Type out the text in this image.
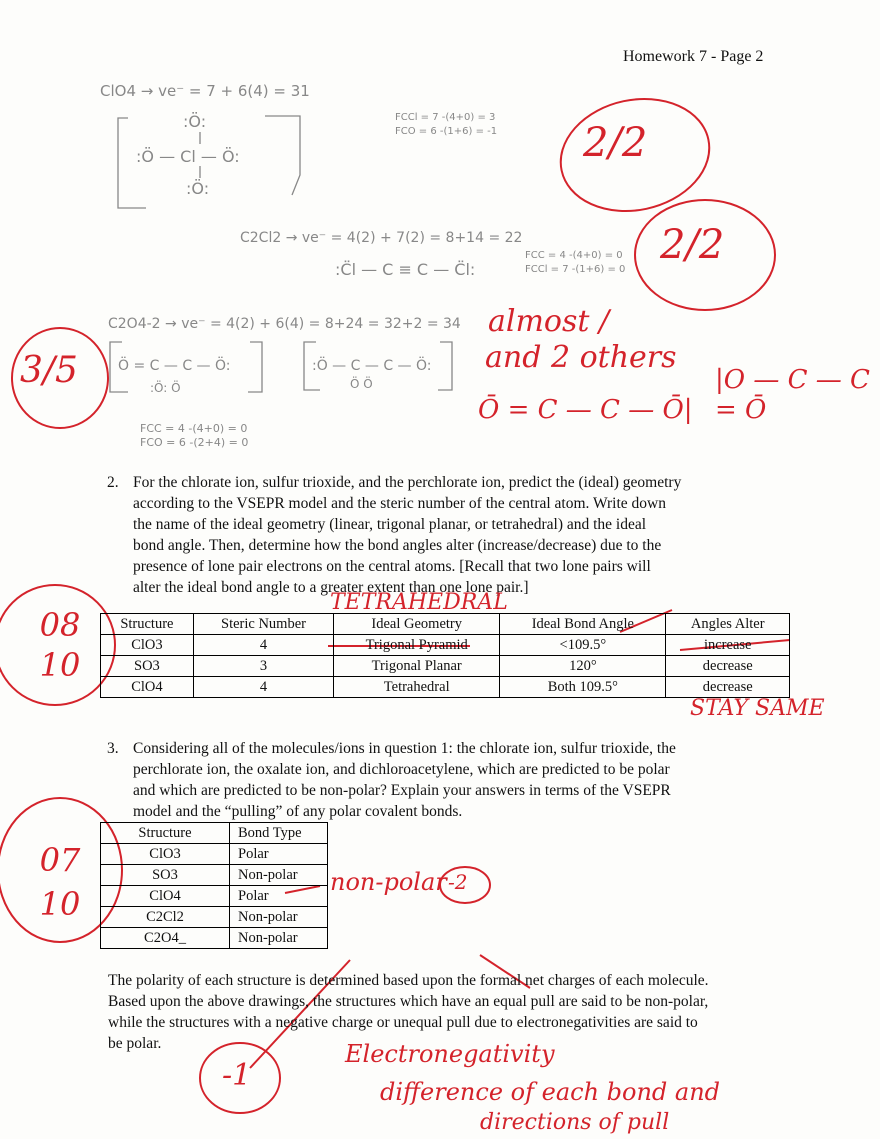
Homework 7 - Page 2
ClO4 → ve⁻ = 7 + 6(4) = 31
FCCl = 7 -(4+0) = 3
FCO = 6 -(1+6) = -1
C2Cl2 → ve⁻ = 4(2) + 7(2) = 8+14 = 22
:C̈l — C ≡ C — C̈l:
FCC = 4 -(4+0) = 0
FCCl = 7 -(1+6) = 0
C2O4-2 → ve⁻ = 4(2) + 6(4) = 8+24 = 32+2 = 34
FCC = 4 -(4+0) = 0
FCO = 6 -(2+4) = 0
:Ö:
:Ö — Cl — Ö:
:Ö:
Ö = C — C — Ö:
:Ö: Ö
:Ö — C — C — Ö:
Ö Ö
2/2
2/2
3/5
almost /
and 2 others
Ō = C — C — Ō|
|O — C — C = Ō
2. For the chlorate ion, sulfur trioxide, and the perchlorate ion, predict the (ideal) geometry
according to the VSEPR model and the steric number of the central atom. Write down
the name of the ideal geometry (linear, trigonal planar, or tetrahedral) and the ideal
bond angle. Then, determine how the bond angles alter (increase/decrease) due to the
presence of lone pair electrons on the central atoms. [Recall that two lone pairs will
alter the ideal bond angle to a greater extent than one lone pair.]
Structure	Steric Number	Ideal Geometry	Ideal Bond Angle	Angles Alter
ClO3	4	Trigonal Pyramid	<109.5°	increase
SO3	3	Trigonal Planar	120°	decrease
ClO4	4	Tetrahedral	Both 109.5°	decrease
08
10
TETRAHEDRAL
STAY SAME
3. Considering all of the molecules/ions in question 1: the chlorate ion, sulfur trioxide, the
perchlorate ion, the oxalate ion, and dichloroacetylene, which are predicted to be polar
and which are predicted to be non-polar? Explain your answers in terms of the VSEPR
model and the “pulling” of any polar covalent bonds.
Structure	Bond Type
ClO3	Polar
SO3	Non-polar
ClO4	Polar
C2Cl2	Non-polar
C2O4_	Non-polar
07
10
non-polar -2
The polarity of each structure is determined based upon the formal net charges of each molecule.
Based upon the above drawings, the structures which have an equal pull are said to be non-polar,
while the structures with a negative charge or unequal pull due to electronegativities are said to
be polar.
-1
Electronegativity
difference of each bond and
directions of pull
